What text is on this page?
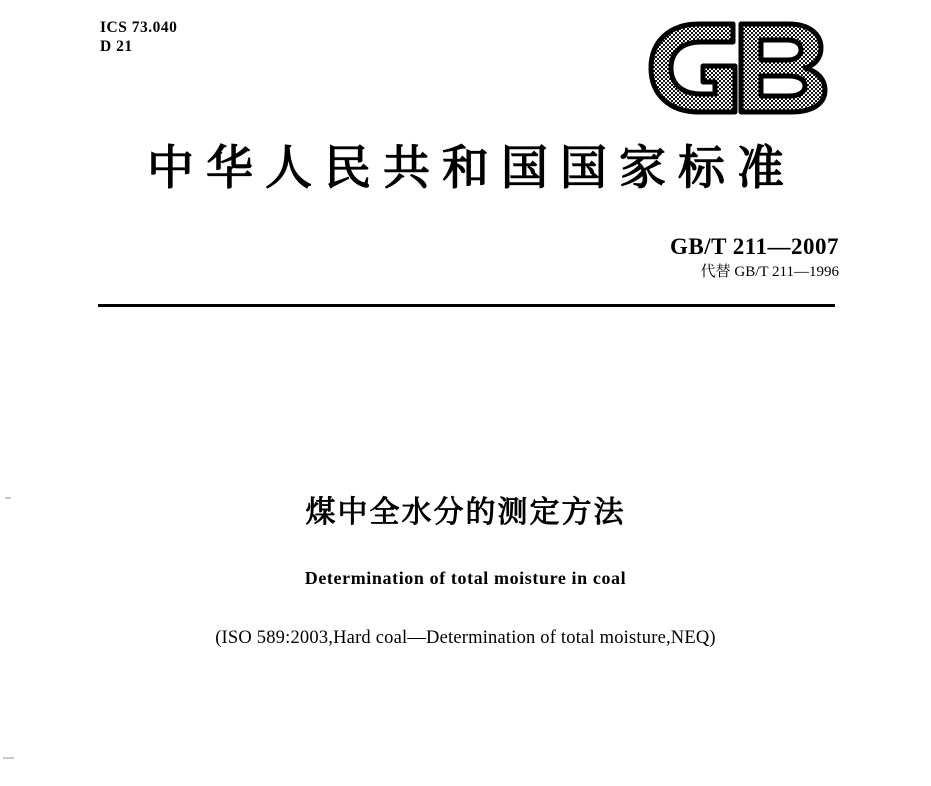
ICS 73.040
D 21
中华人民共和国国家标准
GB/T 211—2007
代替 GB/T 211—1996
煤中全水分的测定方法
Determination of total moisture in coal
(ISO 589:2003,Hard coal—Determination of total moisture,NEQ)
